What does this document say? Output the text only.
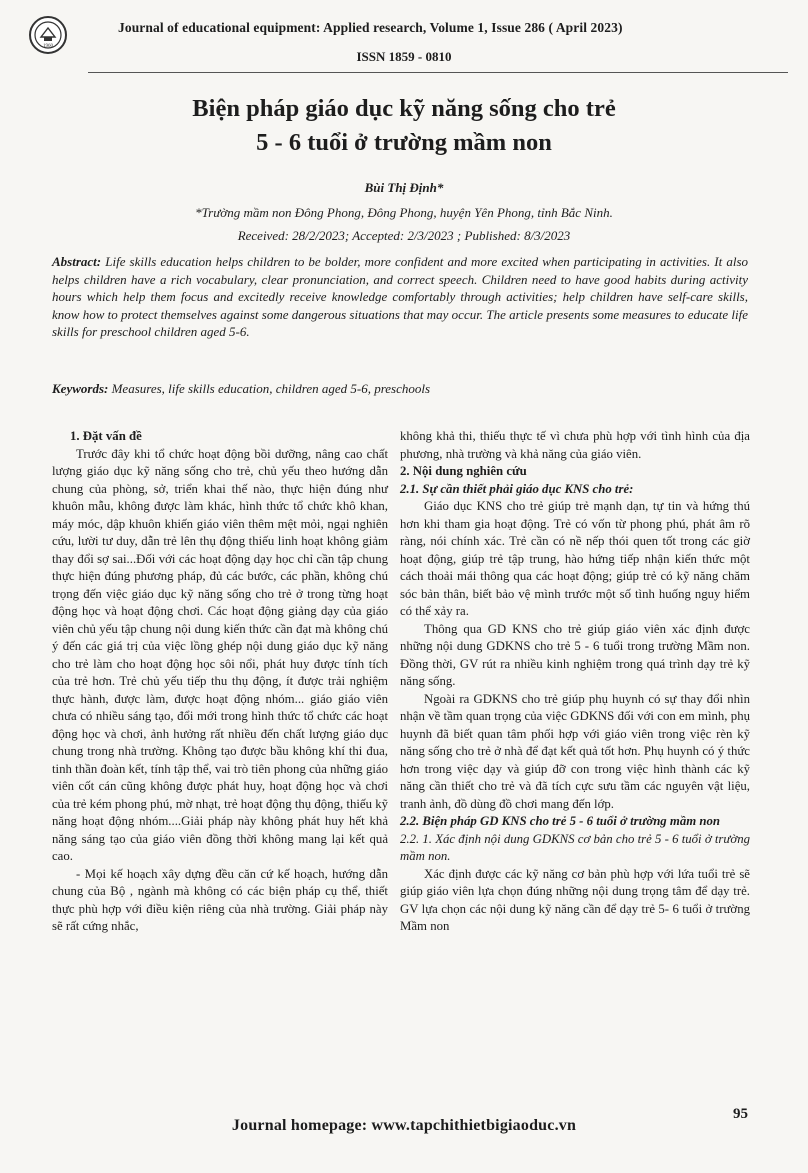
1960
Journal of educational equipment: Applied research, Volume 1, Issue 286 ( April 2023)
ISSN 1859 - 0810
Biện pháp giáo dục kỹ năng sống cho trẻ
5 - 6 tuổi ở trường mầm non
Bùi Thị Định*
*Trường mầm non Đông Phong, Đông Phong, huyện Yên Phong, tỉnh Bắc Ninh.
Received: 28/2/2023; Accepted: 2/3/2023 ; Published: 8/3/2023
Abstract: Life skills education helps children to be bolder, more confident and more excited when participating in activities. It also helps children have a rich vocabulary, clear pronunciation, and correct speech. Children need to have good habits during activity hours which help them focus and excitedly receive knowledge comfortably through activities; help children have self-care skills, know how to protect themselves against some dangerous situations that may occur. The article presents some measures to educate life skills for preschool children aged 5-6.
Keywords: Measures, life skills education, children aged 5-6, preschools

1. Đặt vấn đề

Trước đây khi tổ chức hoạt động bồi dưỡng, nâng cao chất lượng giáo dục kỹ năng sống cho trẻ, chủ yếu theo hướng dẫn chung của phòng, sở, triển khai thế nào, thực hiện đúng như khuôn mẫu, không được làm khác, hình thức tổ chức khô khan, máy móc, dập khuôn khiến giáo viên thêm mệt mỏi, ngại nghiên cứu, lười tư duy, dẫn trẻ lên thụ động thiếu linh hoạt không giảm thay đổi sợ sai...Đối với các hoạt động dạy học chỉ cần tập chung thực hiện đúng phương pháp, đủ các bước, các phần, không chú trọng đến việc giáo dục kỹ năng sống cho trẻ ở trong từng hoạt động học và hoạt động chơi. Các hoạt động giảng dạy của giáo viên chủ yếu tập chung nội dung kiến thức cần đạt mà không chú ý đến các giá trị của việc lồng ghép nội dung giáo dục kỹ năng cho trẻ làm cho hoạt động học sôi nổi, phát huy được tính tích của trẻ hơn. Trẻ chủ yếu tiếp thu thụ động, ít được trải nghiệm thực hành, được làm, được hoạt động nhóm... giáo giáo viên chưa có nhiều sáng tạo, đổi mới trong hình thức tổ chức các hoạt động học và chơi, ảnh hưởng rất nhiều đến chất lượng giáo dục chung trong nhà trường. Không tạo được bầu không khí thi đua, tinh thần đoàn kết, tính tập thể, vai trò tiên phong của những giáo viên cốt cán cũng không được phát huy, hoạt động học và chơi của trẻ kém phong phú, mờ nhạt, trẻ hoạt động thụ động, thiếu kỹ năng hoạt động nhóm....Giải pháp này không phát huy hết khả năng sáng tạo của giáo viên đồng thời không mang lại kết quả cao.

- Mọi kế hoạch xây dựng đều căn cứ kế hoạch, hướng dẫn chung của Bộ , ngành mà không có các biện pháp cụ thể, thiết thực phù hợp với điều kiện riêng của nhà trường. Giải pháp này sẽ rất cứng nhắc,

không khả thi, thiếu thực tế vì chưa phù hợp với tình hình của địa phương, nhà trường và khả năng của giáo viên.

2. Nội dung nghiên cứu

2.1. Sự cần thiết phải giáo dục KNS cho trẻ:

Giáo dục KNS cho trẻ giúp trẻ mạnh dạn, tự tin và hứng thú hơn khi tham gia hoạt động. Trẻ có vốn từ phong phú, phát âm rõ ràng, nói chính xác. Trẻ cần có nề nếp thói quen tốt trong các giờ hoạt động, giúp trẻ tập trung, hào hứng tiếp nhận kiến thức một cách thoải mái thông qua các hoạt động; giúp trẻ có kỹ năng chăm sóc bản thân, biết bảo vệ mình trước một số tình huống nguy hiểm có thể xảy ra.

Thông qua GD KNS cho trẻ giúp giáo viên xác định được những nội dung GDKNS cho trẻ 5 - 6 tuổi trong trường Mầm non. Đồng thời, GV rút ra nhiều kinh nghiệm trong quá trình dạy trẻ kỹ năng sống.

Ngoài ra GDKNS cho trẻ giúp phụ huynh có sự thay đổi nhìn nhận về tầm quan trọng của việc GDKNS đối với con em mình, phụ huynh đã biết quan tâm phối hợp với giáo viên trong việc rèn kỹ năng sống cho trẻ ở nhà để đạt kết quả tốt hơn. Phụ huynh có ý thức hơn trong việc dạy và giúp đỡ con trong việc hình thành các kỹ năng cần thiết cho trẻ và đã tích cực sưu tầm các nguyên vật liệu, tranh ảnh, đồ dùng đồ chơi mang đến lớp.

2.2. Biện pháp GD KNS cho trẻ 5 - 6 tuổi ở trường mầm non

2.2. 1. Xác định nội dung GDKNS cơ bản cho trẻ 5 - 6 tuổi ở trường mầm non.

Xác định được các kỹ năng cơ bản phù hợp với lứa tuổi trẻ sẽ giúp giáo viên lựa chọn đúng những nội dung trọng tâm để dạy trẻ. GV lựa chọn các nội dung kỹ năng cần để dạy trẻ 5- 6 tuổi ở trường Mầm non

95
Journal homepage: www.tapchithietbigiaoduc.vn
